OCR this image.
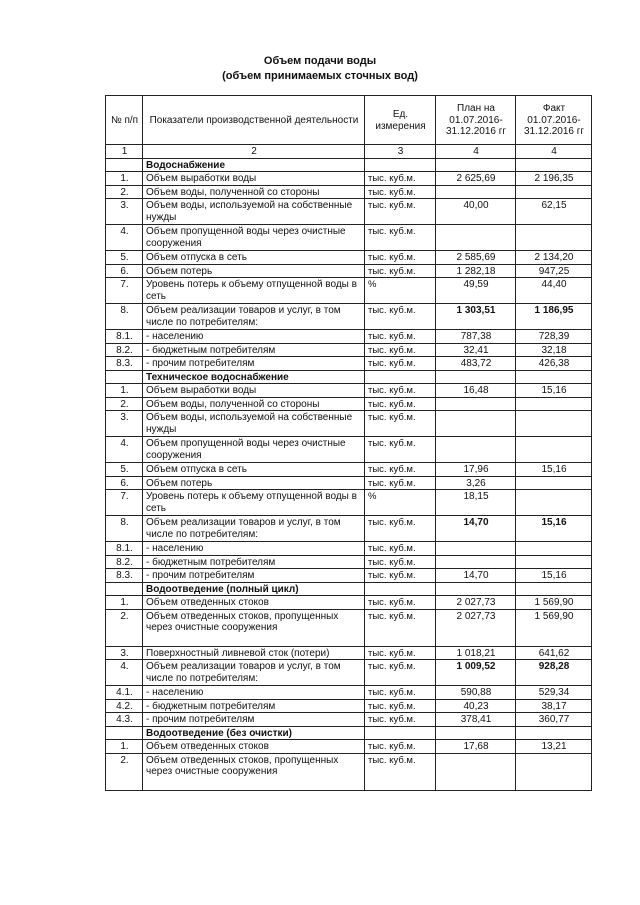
Объем подачи воды
(объем принимаемых сточных вод)
№ п/п	Показатели производственной деятельности	Ед. измерения	План на 01.07.2016-31.12.2016 гг	Факт 01.07.2016-31.12.2016 гг
1	2	3	4	4
	Водоснабжение			
1.	Объем выработки воды	тыс. куб.м.	2 625,69	2 196,35
2.	Объем воды, полученной со стороны	тыс. куб.м.		
3.	Объем воды, используемой на собственные нужды	тыс. куб.м.	40,00	62,15
4.	Объем пропущенной воды через очистные сооружения	тыс. куб.м.		
5.	Объем отпуска в сеть	тыс. куб.м.	2 585,69	2 134,20
6.	Объем потерь	тыс. куб.м.	1 282,18	947,25
7.	Уровень потерь к объему отпущенной воды в сеть	%	49,59	44,40
8.	Объем реализации товаров и услуг, в том числе по потребителям:	тыс. куб.м.	1 303,51	1 186,95
8.1.	- населению	тыс. куб.м.	787,38	728,39
8.2.	- бюджетным потребителям	тыс. куб.м.	32,41	32,18
8.3.	- прочим потребителям	тыс. куб.м.	483,72	426,38
	Техническое водоснабжение			
1.	Объем выработки воды	тыс. куб.м.	16,48	15,16
2.	Объем воды, полученной со стороны	тыс. куб.м.		
3.	Объем воды, используемой на собственные нужды	тыс. куб.м.		
4.	Объем пропущенной воды через очистные сооружения	тыс. куб.м.		
5.	Объем отпуска в сеть	тыс. куб.м.	17,96	15,16
6.	Объем потерь	тыс. куб.м.	3,26	
7.	Уровень потерь к объему отпущенной воды в сеть	%	18,15	
8.	Объем реализации товаров и услуг, в том числе по потребителям:	тыс. куб.м.	14,70	15,16
8.1.	- населению	тыс. куб.м.		
8.2.	- бюджетным потребителям	тыс. куб.м.		
8.3.	- прочим потребителям	тыс. куб.м.	14,70	15,16
	Водоотведение (полный цикл)			
1.	Объем отведенных стоков	тыс. куб.м.	2 027,73	1 569,90
2.	Объем отведенных стоков, пропущенных через очистные сооружения	тыс. куб.м.	2 027,73	1 569,90
3.	Поверхностный ливневой сток (потери)	тыс. куб.м.	1 018,21	641,62
4.	Объем реализации товаров и услуг, в том числе по потребителям:	тыс. куб.м.	1 009,52	928,28
4.1.	- населению	тыс. куб.м.	590,88	529,34
4.2.	- бюджетным потребителям	тыс. куб.м.	40,23	38,17
4.3.	- прочим потребителям	тыс. куб.м.	378,41	360,77
	Водоотведение (без очистки)			
1.	Объем отведенных стоков	тыс. куб.м.	17,68	13,21
2.	Объем отведенных стоков, пропущенных через очистные сооружения	тыс. куб.м.		
